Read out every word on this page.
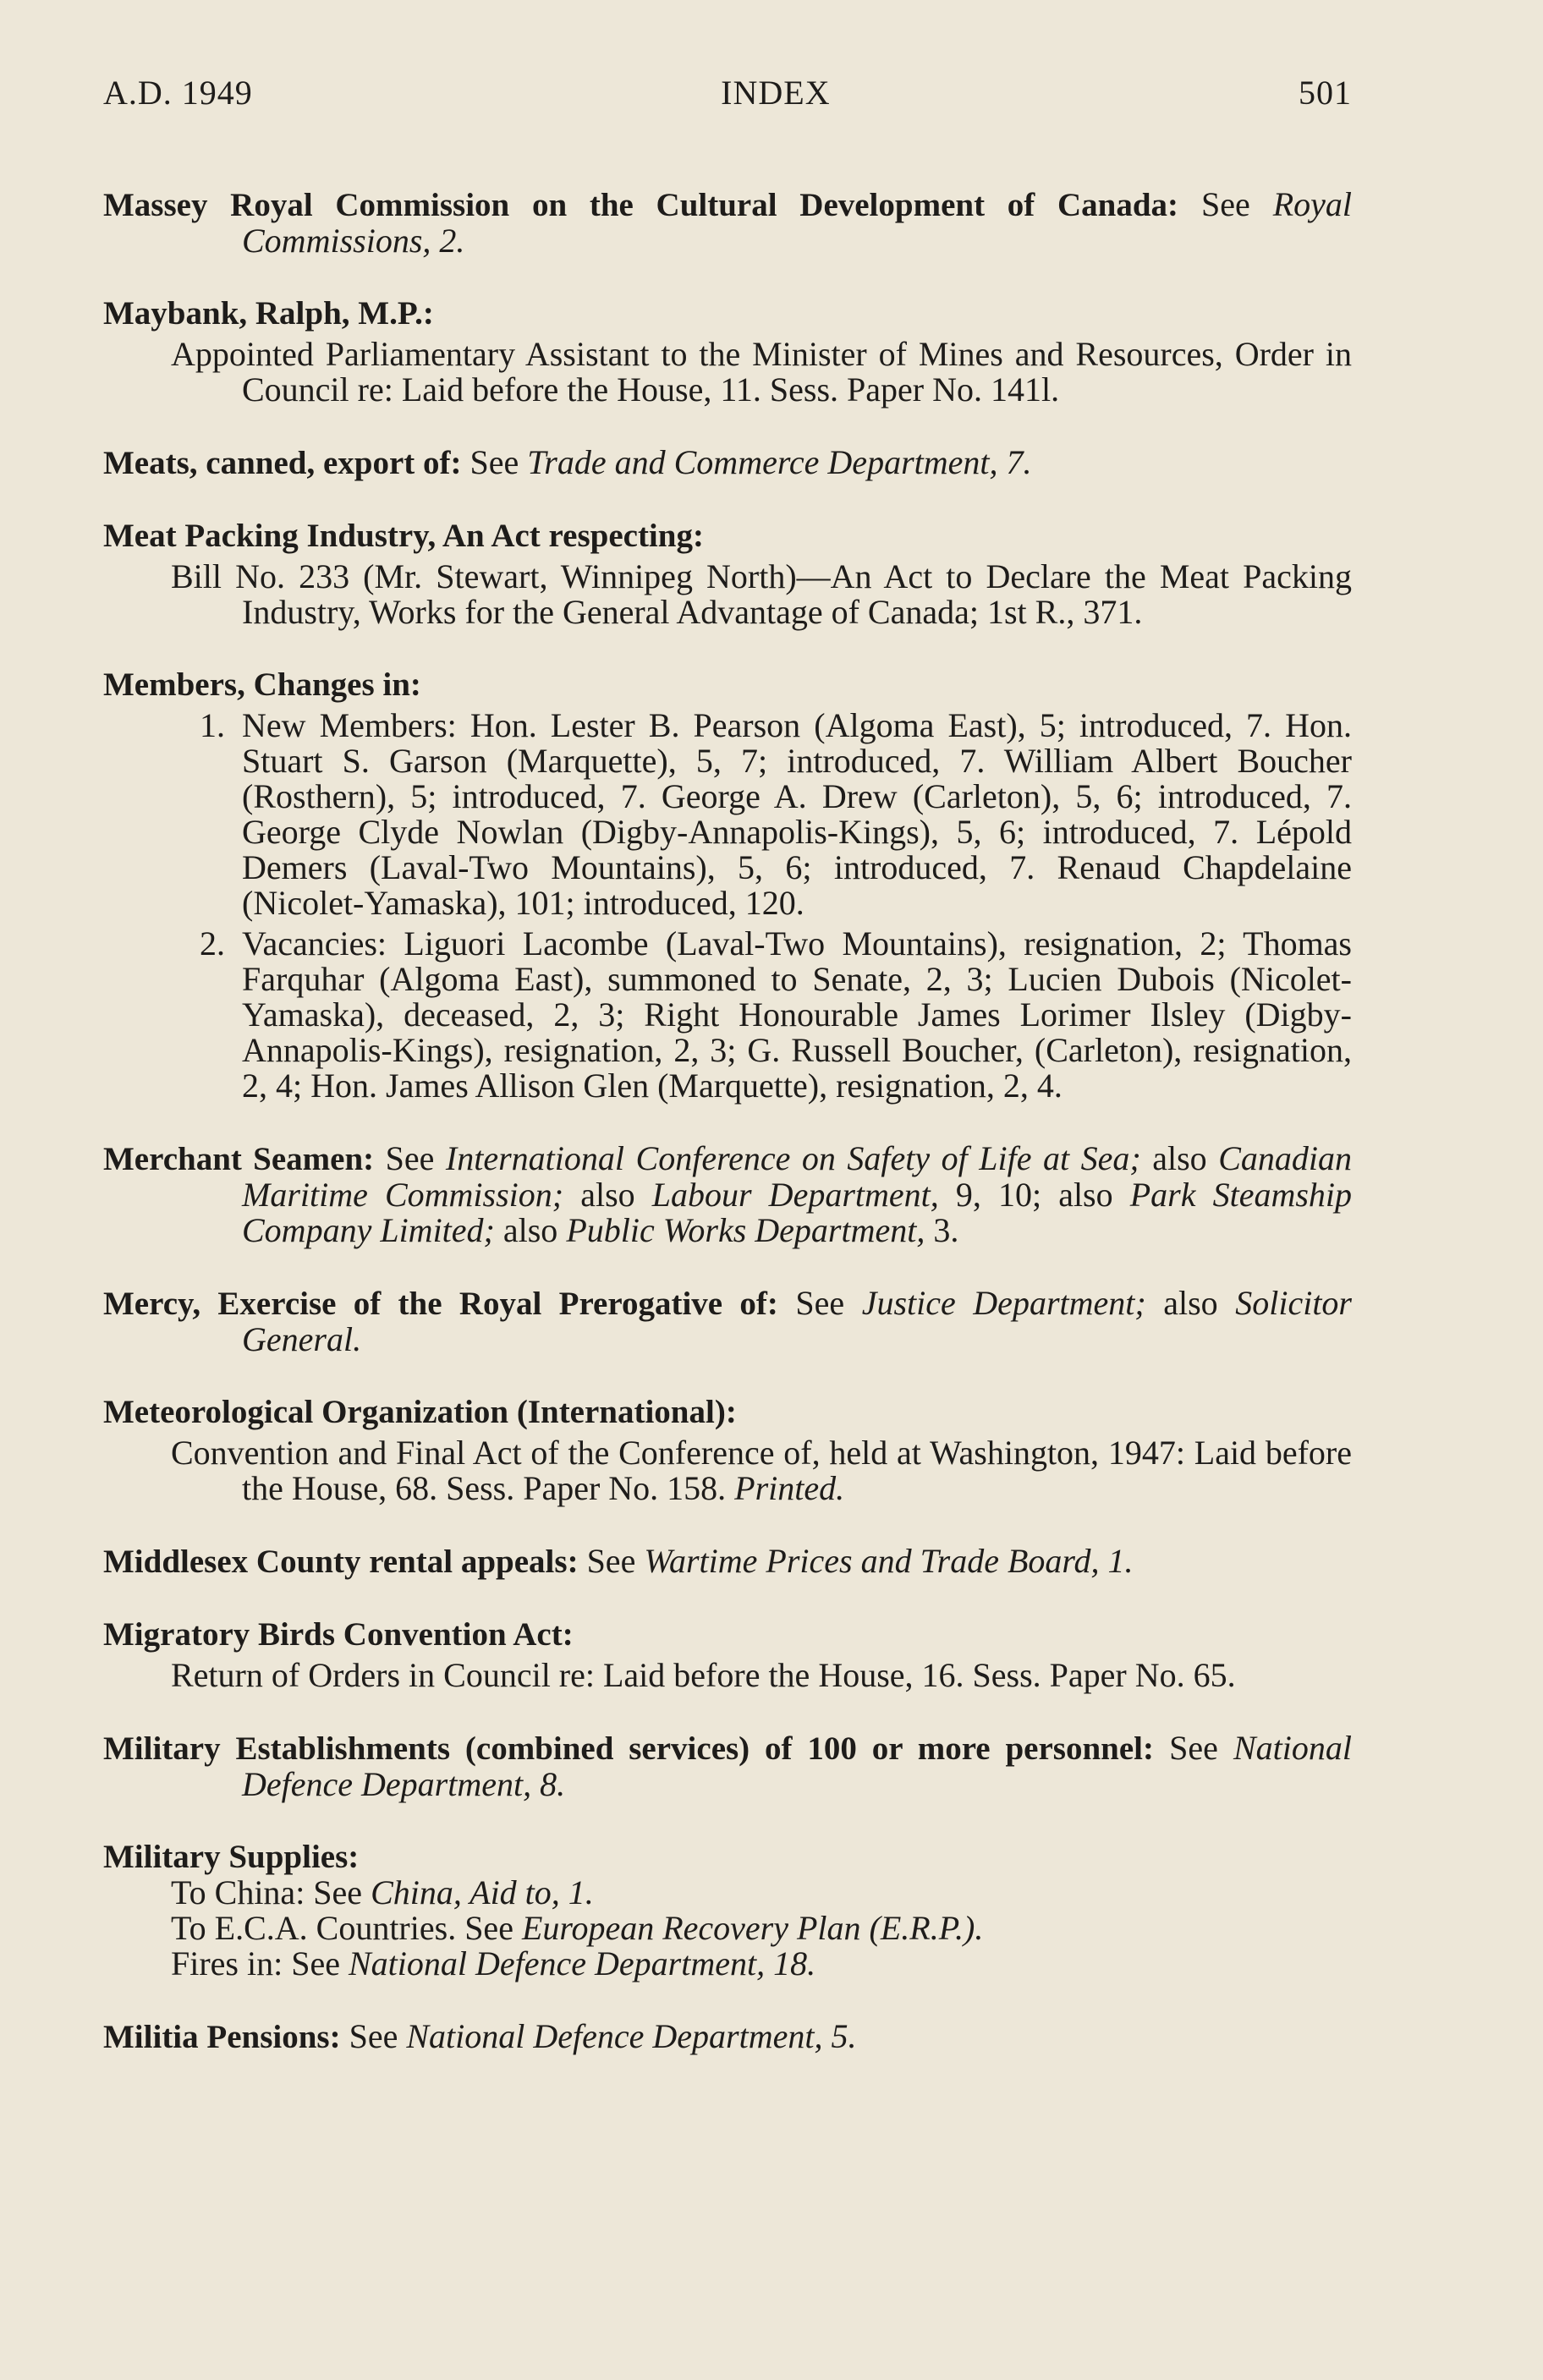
A.D. 1949	INDEX	501
Massey Royal Commission on the Cultural Development of Canada: See Royal Commissions, 2.
Maybank, Ralph, M.P.:
Appointed Parliamentary Assistant to the Minister of Mines and Resources, Order in Council re: Laid before the House, 11. Sess. Paper No. 141l.
Meats, canned, export of: See Trade and Commerce Department, 7.
Meat Packing Industry, An Act respecting:
Bill No. 233 (Mr. Stewart, Winnipeg North)—An Act to Declare the Meat Packing Industry, Works for the General Advantage of Canada; 1st R., 371.
Members, Changes in:
1. New Members: Hon. Lester B. Pearson (Algoma East), 5; introduced, 7. Hon. Stuart S. Garson (Marquette), 5, 7; introduced, 7. William Albert Boucher (Rosthern), 5; introduced, 7. George A. Drew (Carleton), 5, 6; introduced, 7. George Clyde Nowlan (Digby-Annapolis-Kings), 5, 6; introduced, 7. Lépold Demers (Laval-Two Mountains), 5, 6; introduced, 7. Renaud Chapdelaine (Nicolet-Yamaska), 101; introduced, 120.
2. Vacancies: Liguori Lacombe (Laval-Two Mountains), resignation, 2; Thomas Farquhar (Algoma East), summoned to Senate, 2, 3; Lucien Dubois (Nicolet-Yamaska), deceased, 2, 3; Right Honourable James Lorimer Ilsley (Digby-Annapolis-Kings), resignation, 2, 3; G. Russell Boucher, (Carleton), resignation, 2, 4; Hon. James Allison Glen (Marquette), resignation, 2, 4.
Merchant Seamen: See International Conference on Safety of Life at Sea; also Canadian Maritime Commission; also Labour Department, 9, 10; also Park Steamship Company Limited; also Public Works Department, 3.
Mercy, Exercise of the Royal Prerogative of: See Justice Department; also Solicitor General.
Meteorological Organization (International):
Convention and Final Act of the Conference of, held at Washington, 1947: Laid before the House, 68. Sess. Paper No. 158. Printed.
Middlesex County rental appeals: See Wartime Prices and Trade Board, 1.
Migratory Birds Convention Act:
Return of Orders in Council re: Laid before the House, 16. Sess. Paper No. 65.
Military Establishments (combined services) of 100 or more personnel: See National Defence Department, 8.
Military Supplies:
To China: See China, Aid to, 1.
To E.C.A. Countries. See European Recovery Plan (E.R.P.).
Fires in: See National Defence Department, 18.
Militia Pensions: See National Defence Department, 5.
